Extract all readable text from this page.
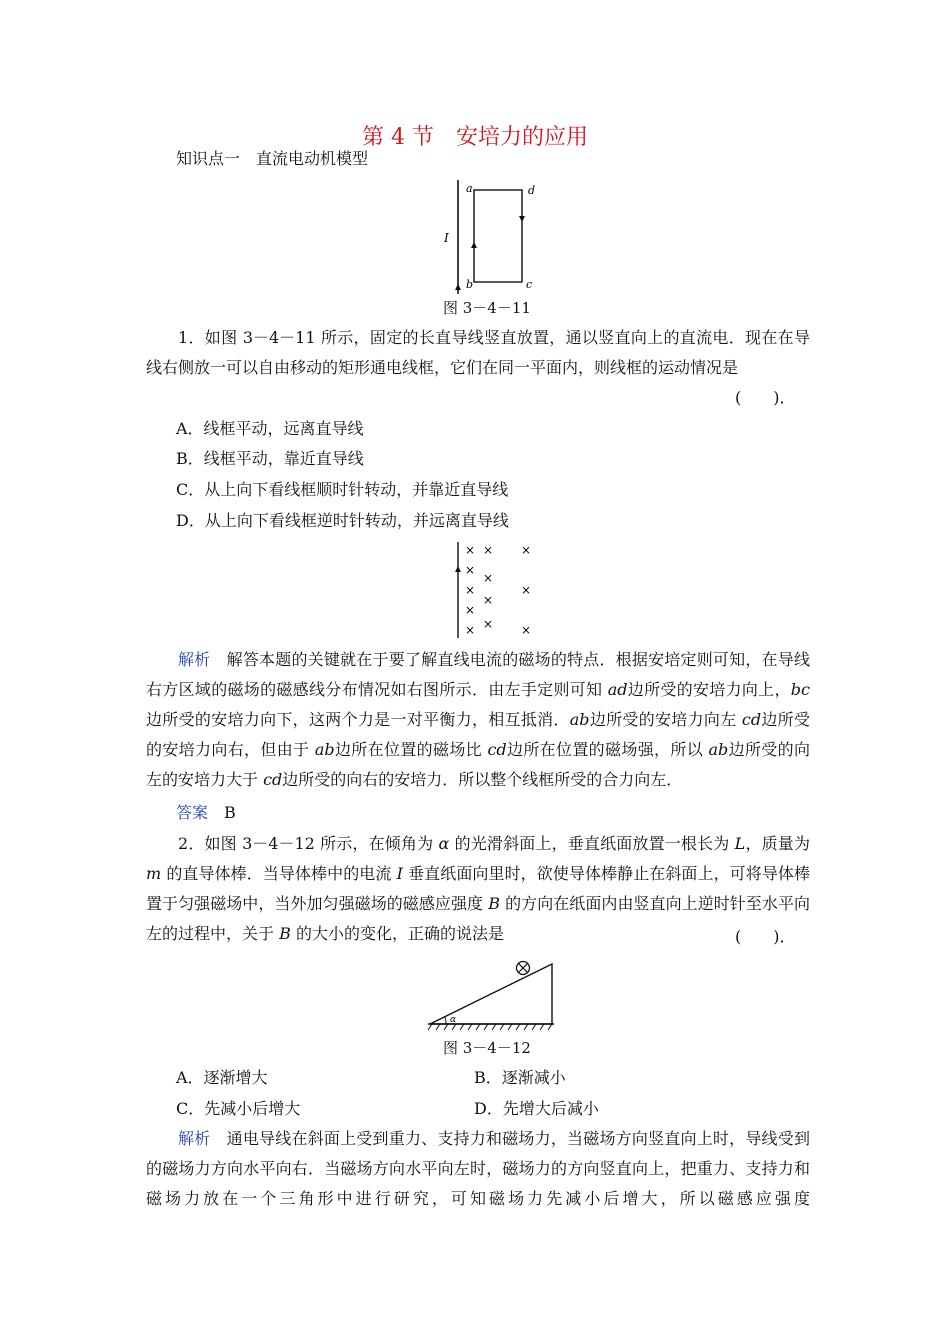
第 4 节　安培力的应用
知识点一　直流电动机模型
I
a
b	c
d
图 3－4－11
1．如图 3－4－11 所示，固定的长直导线竖直放置，通以竖直向上的直流电．现在在导线右侧放一可以自由移动的矩形通电线框，它们在同一平面内，则线框的运动情况是
(　　)．
A．线框平动，远离直导线
B．线框平动，靠近直导线
C．从上向下看线框顺时针转动，并靠近直导线
D．从上向下看线框逆时针转动，并远离直导线
× × ×
×
×
×	×
×
×
×
×	×
解析　解答本题的关键就在于要了解直线电流的磁场的特点．根据安培定则可知，在导线右方区域的磁场的磁感线分布情况如右图所示．由左手定则可知 ad边所受的安培力向上，bc边所受的安培力向下，这两个力是一对平衡力，相互抵消．ab边所受的安培力向左 cd边所受的安培力向右，但由于 ab边所在位置的磁场比 cd边所在位置的磁场强，所以 ab边所受的向左的安培力大于 cd边所受的向右的安培力．所以整个线框所受的合力向左．
答案　 B
2．如图 3－4－12 所示，在倾角为 α 的光滑斜面上，垂直纸面放置一根长为 L，质量为 m 的直导体棒．当导体棒中的电流 I 垂直纸面向里时，欲使导体棒静止在斜面上，可将导体棒置于匀强磁场中，当外加匀强磁场的磁感应强度 B 的方向在纸面内由竖直向上逆时针至水平向左的过程中，关于 B 的大小的变化，正确的说法是	(　　)．
α
图 3－4－12
A．逐渐增大	B．逐渐减小
C．先减小后增大	D．先增大后减小
解析　通电导线在斜面上受到重力、支持力和磁场力，当磁场方向竖直向上时，导线受到的磁场力方向水平向右．当磁场方向水平向左时，磁场力的方向竖直向上，把重力、支持力和磁场力放在一个三角形中进行研究，可知磁场力先减小后增大，所以磁感应强度
